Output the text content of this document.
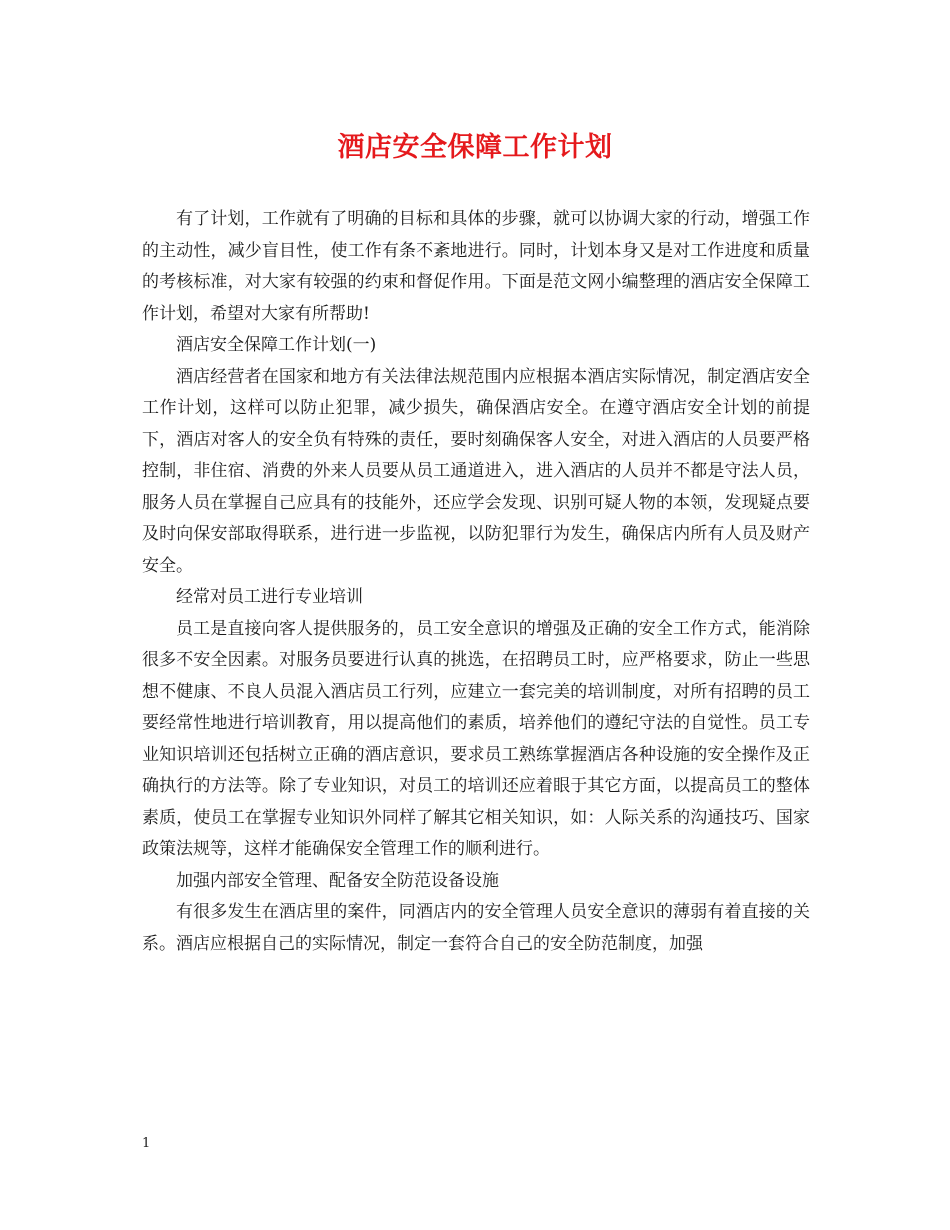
酒店安全保障工作计划

有了计划，工作就有了明确的目标和具体的步骤，就可以协调大家的行动，增强工作的主动性，减少盲目性，使工作有条不紊地进行。同时，计划本身又是对工作进度和质量的考核标准，对大家有较强的约束和督促作用。下面是范文网小编整理的酒店安全保障工作计划，希望对大家有所帮助!

酒店安全保障工作计划(一)

酒店经营者在国家和地方有关法律法规范围内应根据本酒店实际情况，制定酒店安全工作计划，这样可以防止犯罪，减少损失，确保酒店安全。在遵守酒店安全计划的前提下，酒店对客人的安全负有特殊的责任，要时刻确保客人安全，对进入酒店的人员要严格控制，非住宿、消费的外来人员要从员工通道进入，进入酒店的人员并不都是守法人员，服务人员在掌握自己应具有的技能外，还应学会发现、识别可疑人物的本领，发现疑点要及时向保安部取得联系，进行进一步监视，以防犯罪行为发生，确保店内所有人员及财产安全。

经常对员工进行专业培训

员工是直接向客人提供服务的，员工安全意识的增强及正确的安全工作方式，能消除很多不安全因素。对服务员要进行认真的挑选，在招聘员工时，应严格要求，防止一些思想不健康、不良人员混入酒店员工行列，应建立一套完美的培训制度，对所有招聘的员工要经常性地进行培训教育，用以提高他们的素质，培养他们的遵纪守法的自觉性。员工专业知识培训还包括树立正确的酒店意识，要求员工熟练掌握酒店各种设施的安全操作及正确执行的方法等。除了专业知识，对员工的培训还应着眼于其它方面，以提高员工的整体素质，使员工在掌握专业知识外同样了解其它相关知识，如：人际关系的沟通技巧、国家政策法规等，这样才能确保安全管理工作的顺利进行。

加强内部安全管理、配备安全防范设备设施

有很多发生在酒店里的案件，同酒店内的安全管理人员安全意识的薄弱有着直接的关系。酒店应根据自己的实际情况，制定一套符合自己的安全防范制度，加强

1
